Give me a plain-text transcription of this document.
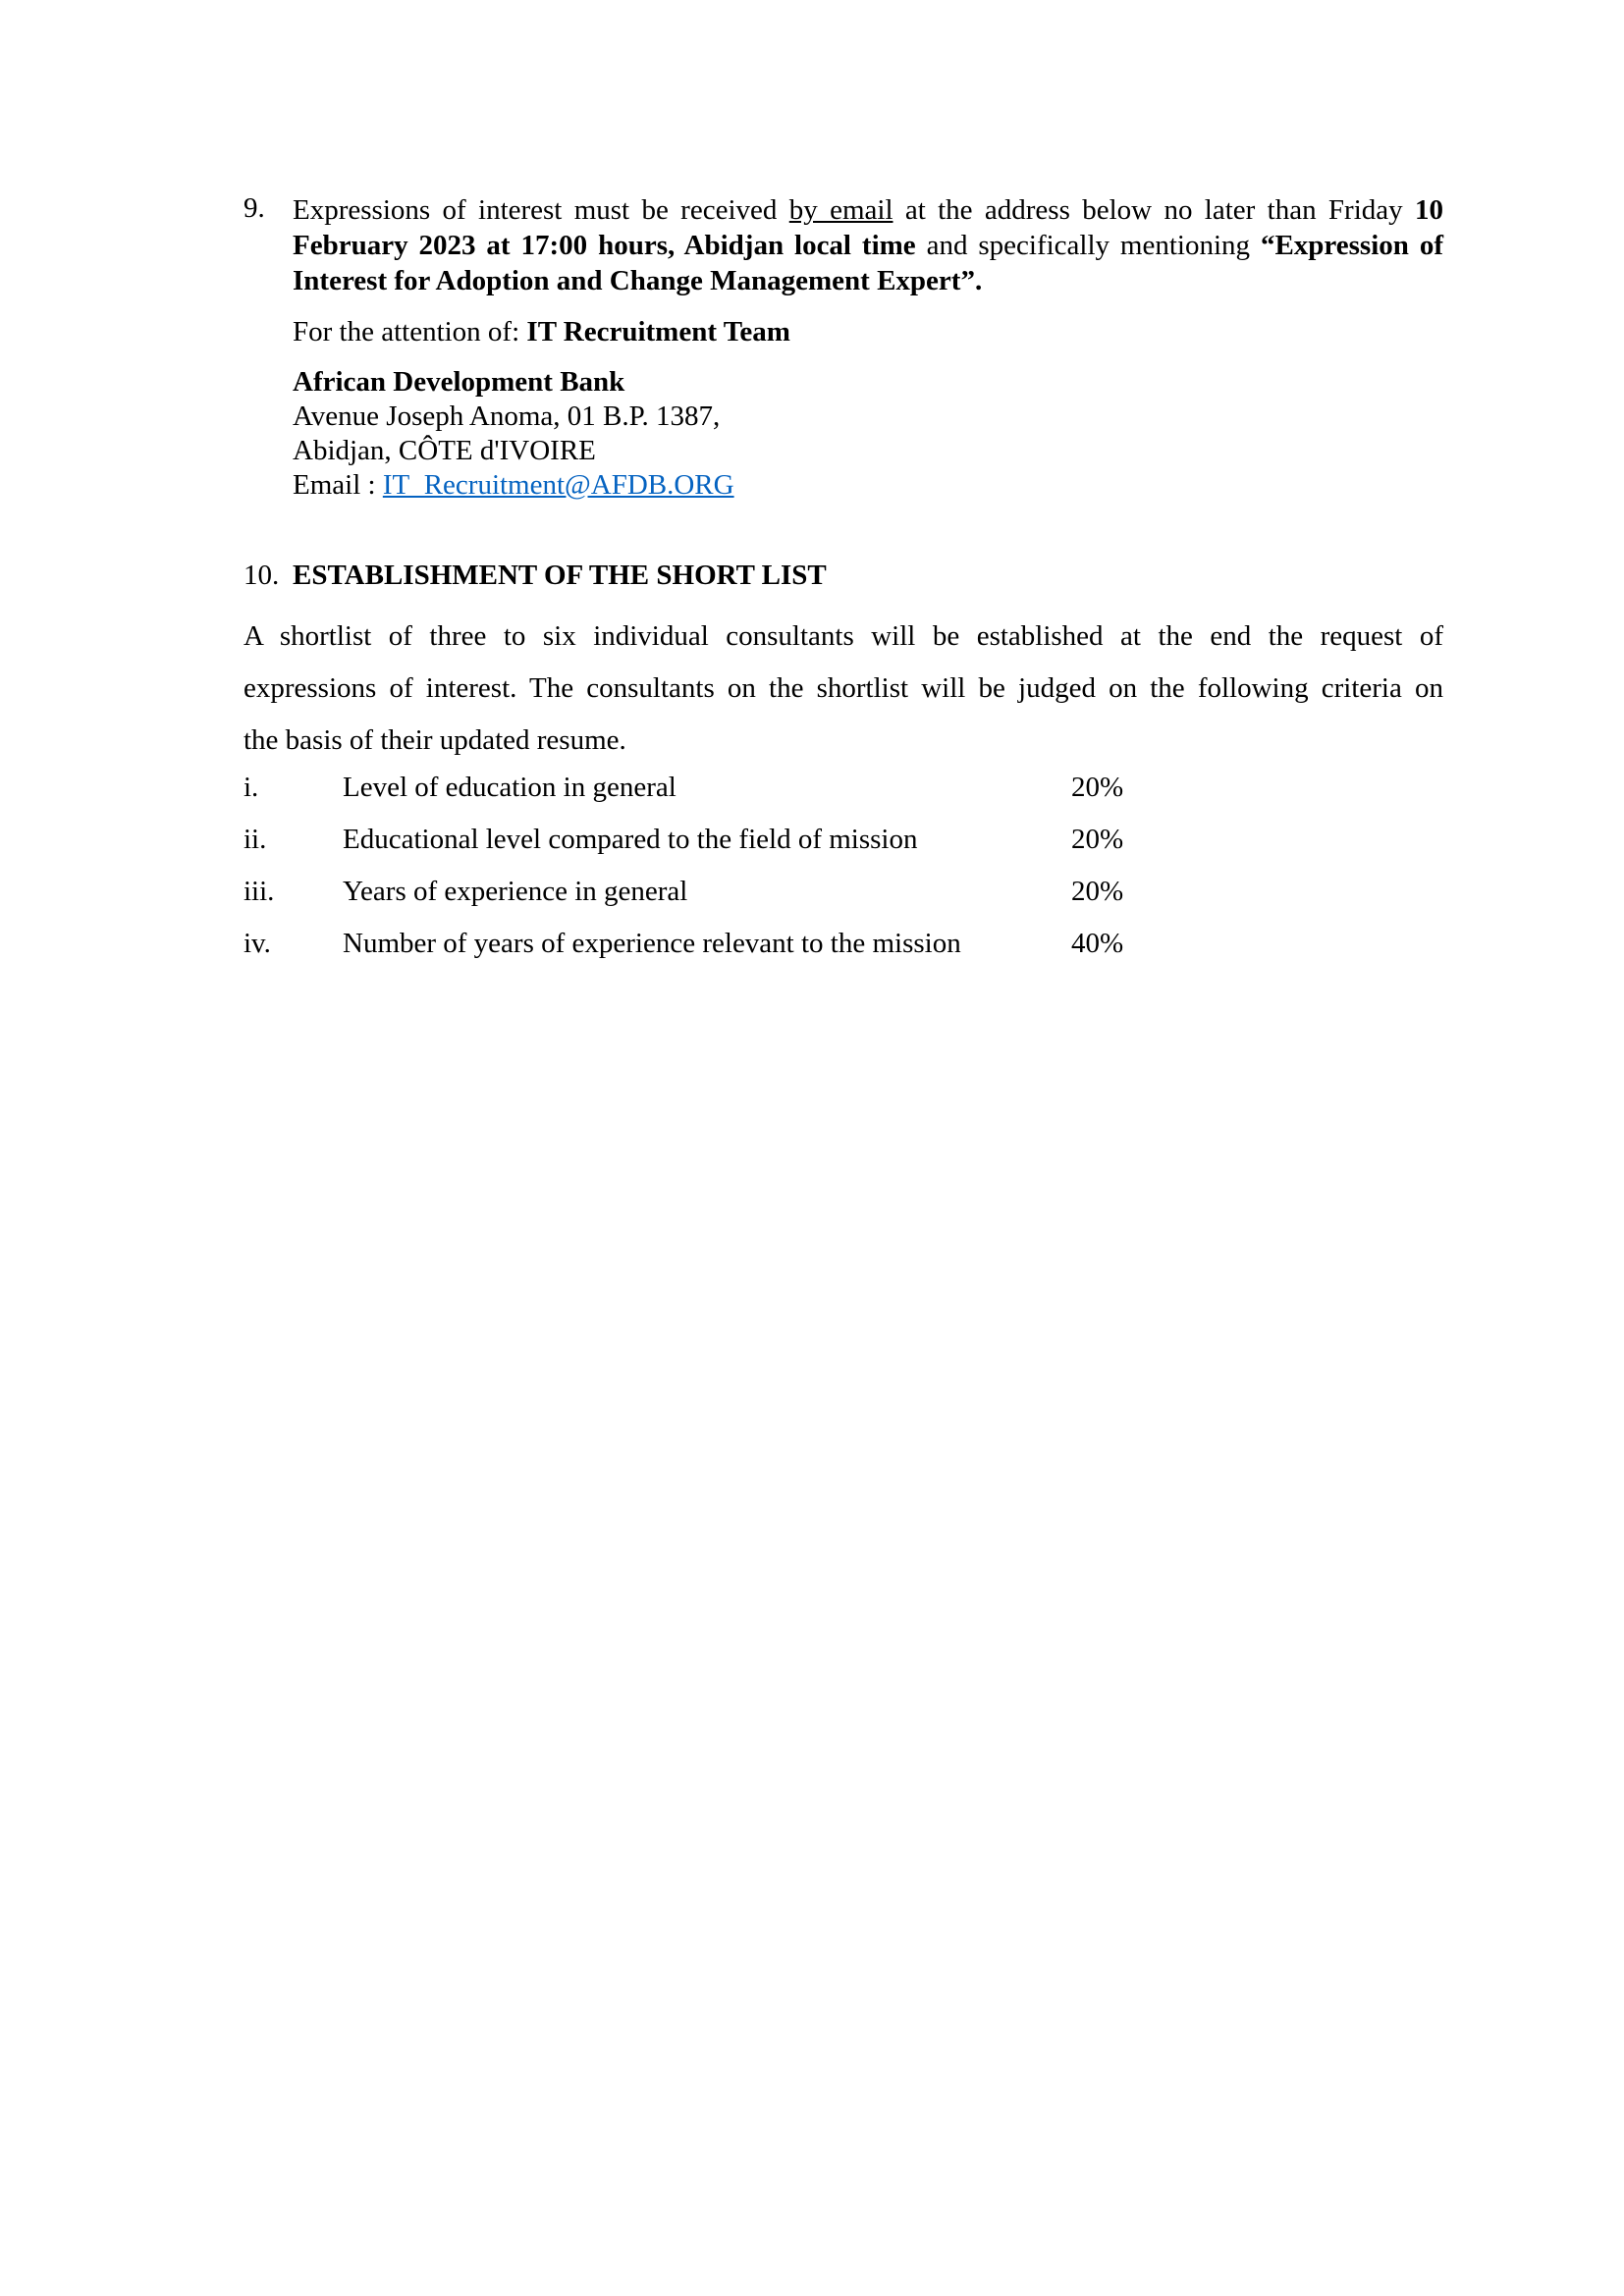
9. Expressions of interest must be received by email at the address below no later than Friday 10 February 2023 at 17:00 hours, Abidjan local time and specifically mentioning “Expression of Interest for Adoption and Change Management Expert”.

For the attention of: IT Recruitment Team

African Development Bank
Avenue Joseph Anoma, 01 B.P. 1387,
Abidjan, CÔTE d'IVOIRE
Email : IT_Recruitment@AFDB.ORG
10. ESTABLISHMENT OF THE SHORT LIST
A shortlist of three to six individual consultants will be established at the end the request of
expressions of interest. The consultants on the shortlist will be judged on the following criteria on
the basis of their updated resume.
i.	Level of education in general	20%
ii.	Educational level compared to the field of mission	20%
iii. Years of experience in general	20%
iv.	Number of years of experience relevant to the mission	40%
